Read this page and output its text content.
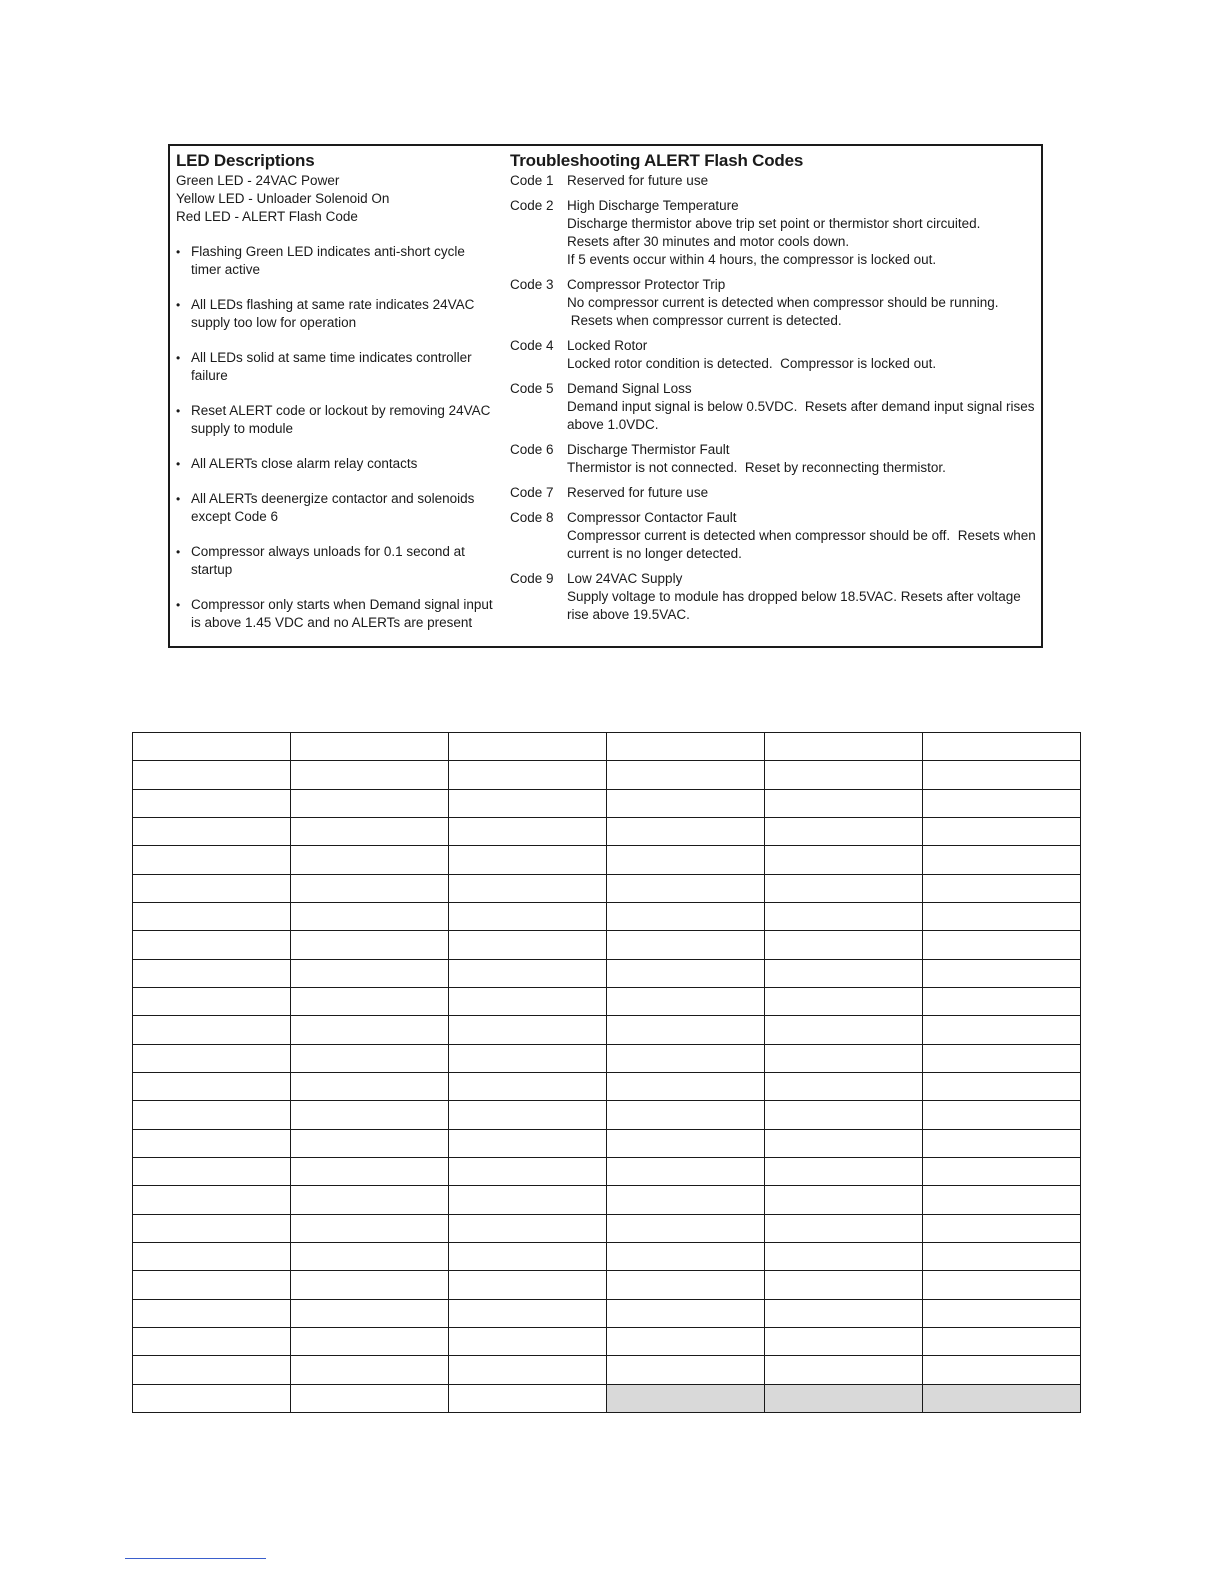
LED Descriptions
Green LED - 24VAC Power
Yellow LED - Unloader Solenoid On
Red LED - ALERT Flash Code
• Flashing Green LED indicates anti-short cycle timer active
• All LEDs flashing at same rate indicates 24VAC supply too low for operation
• All LEDs solid at same time indicates controller failure
• Reset ALERT code or lockout by removing 24VAC supply to module
• All ALERTs close alarm relay contacts
• All ALERTs deenergize contactor and solenoids except Code 6
• Compressor always unloads for 0.1 second at startup
• Compressor only starts when Demand signal input is above 1.45 VDC and no ALERTs are present
Troubleshooting ALERT Flash Codes
Code 1 Reserved for future use
Code 2 High Discharge Temperature
Discharge thermistor above trip set point or thermistor short circuited.
Resets after 30 minutes and motor cools down.
If 5 events occur within 4 hours, the compressor is locked out.
Code 3 Compressor Protector Trip
No compressor current is detected when compressor should be running.
Resets when compressor current is detected.
Code 4 Locked Rotor
Locked rotor condition is detected.  Compressor is locked out.
Code 5 Demand Signal Loss
Demand input signal is below 0.5VDC.  Resets after demand input signal rises above 1.0VDC.
Code 6 Discharge Thermistor Fault
Thermistor is not connected.  Reset by reconnecting thermistor.
Code 7 Reserved for future use
Code 8 Compressor Contactor Fault
Compressor current is detected when compressor should be off.  Resets when current is no longer detected.
Code 9 Low 24VAC Supply
Supply voltage to module has dropped below 18.5VAC. Resets after voltage rise above 19.5VAC.
